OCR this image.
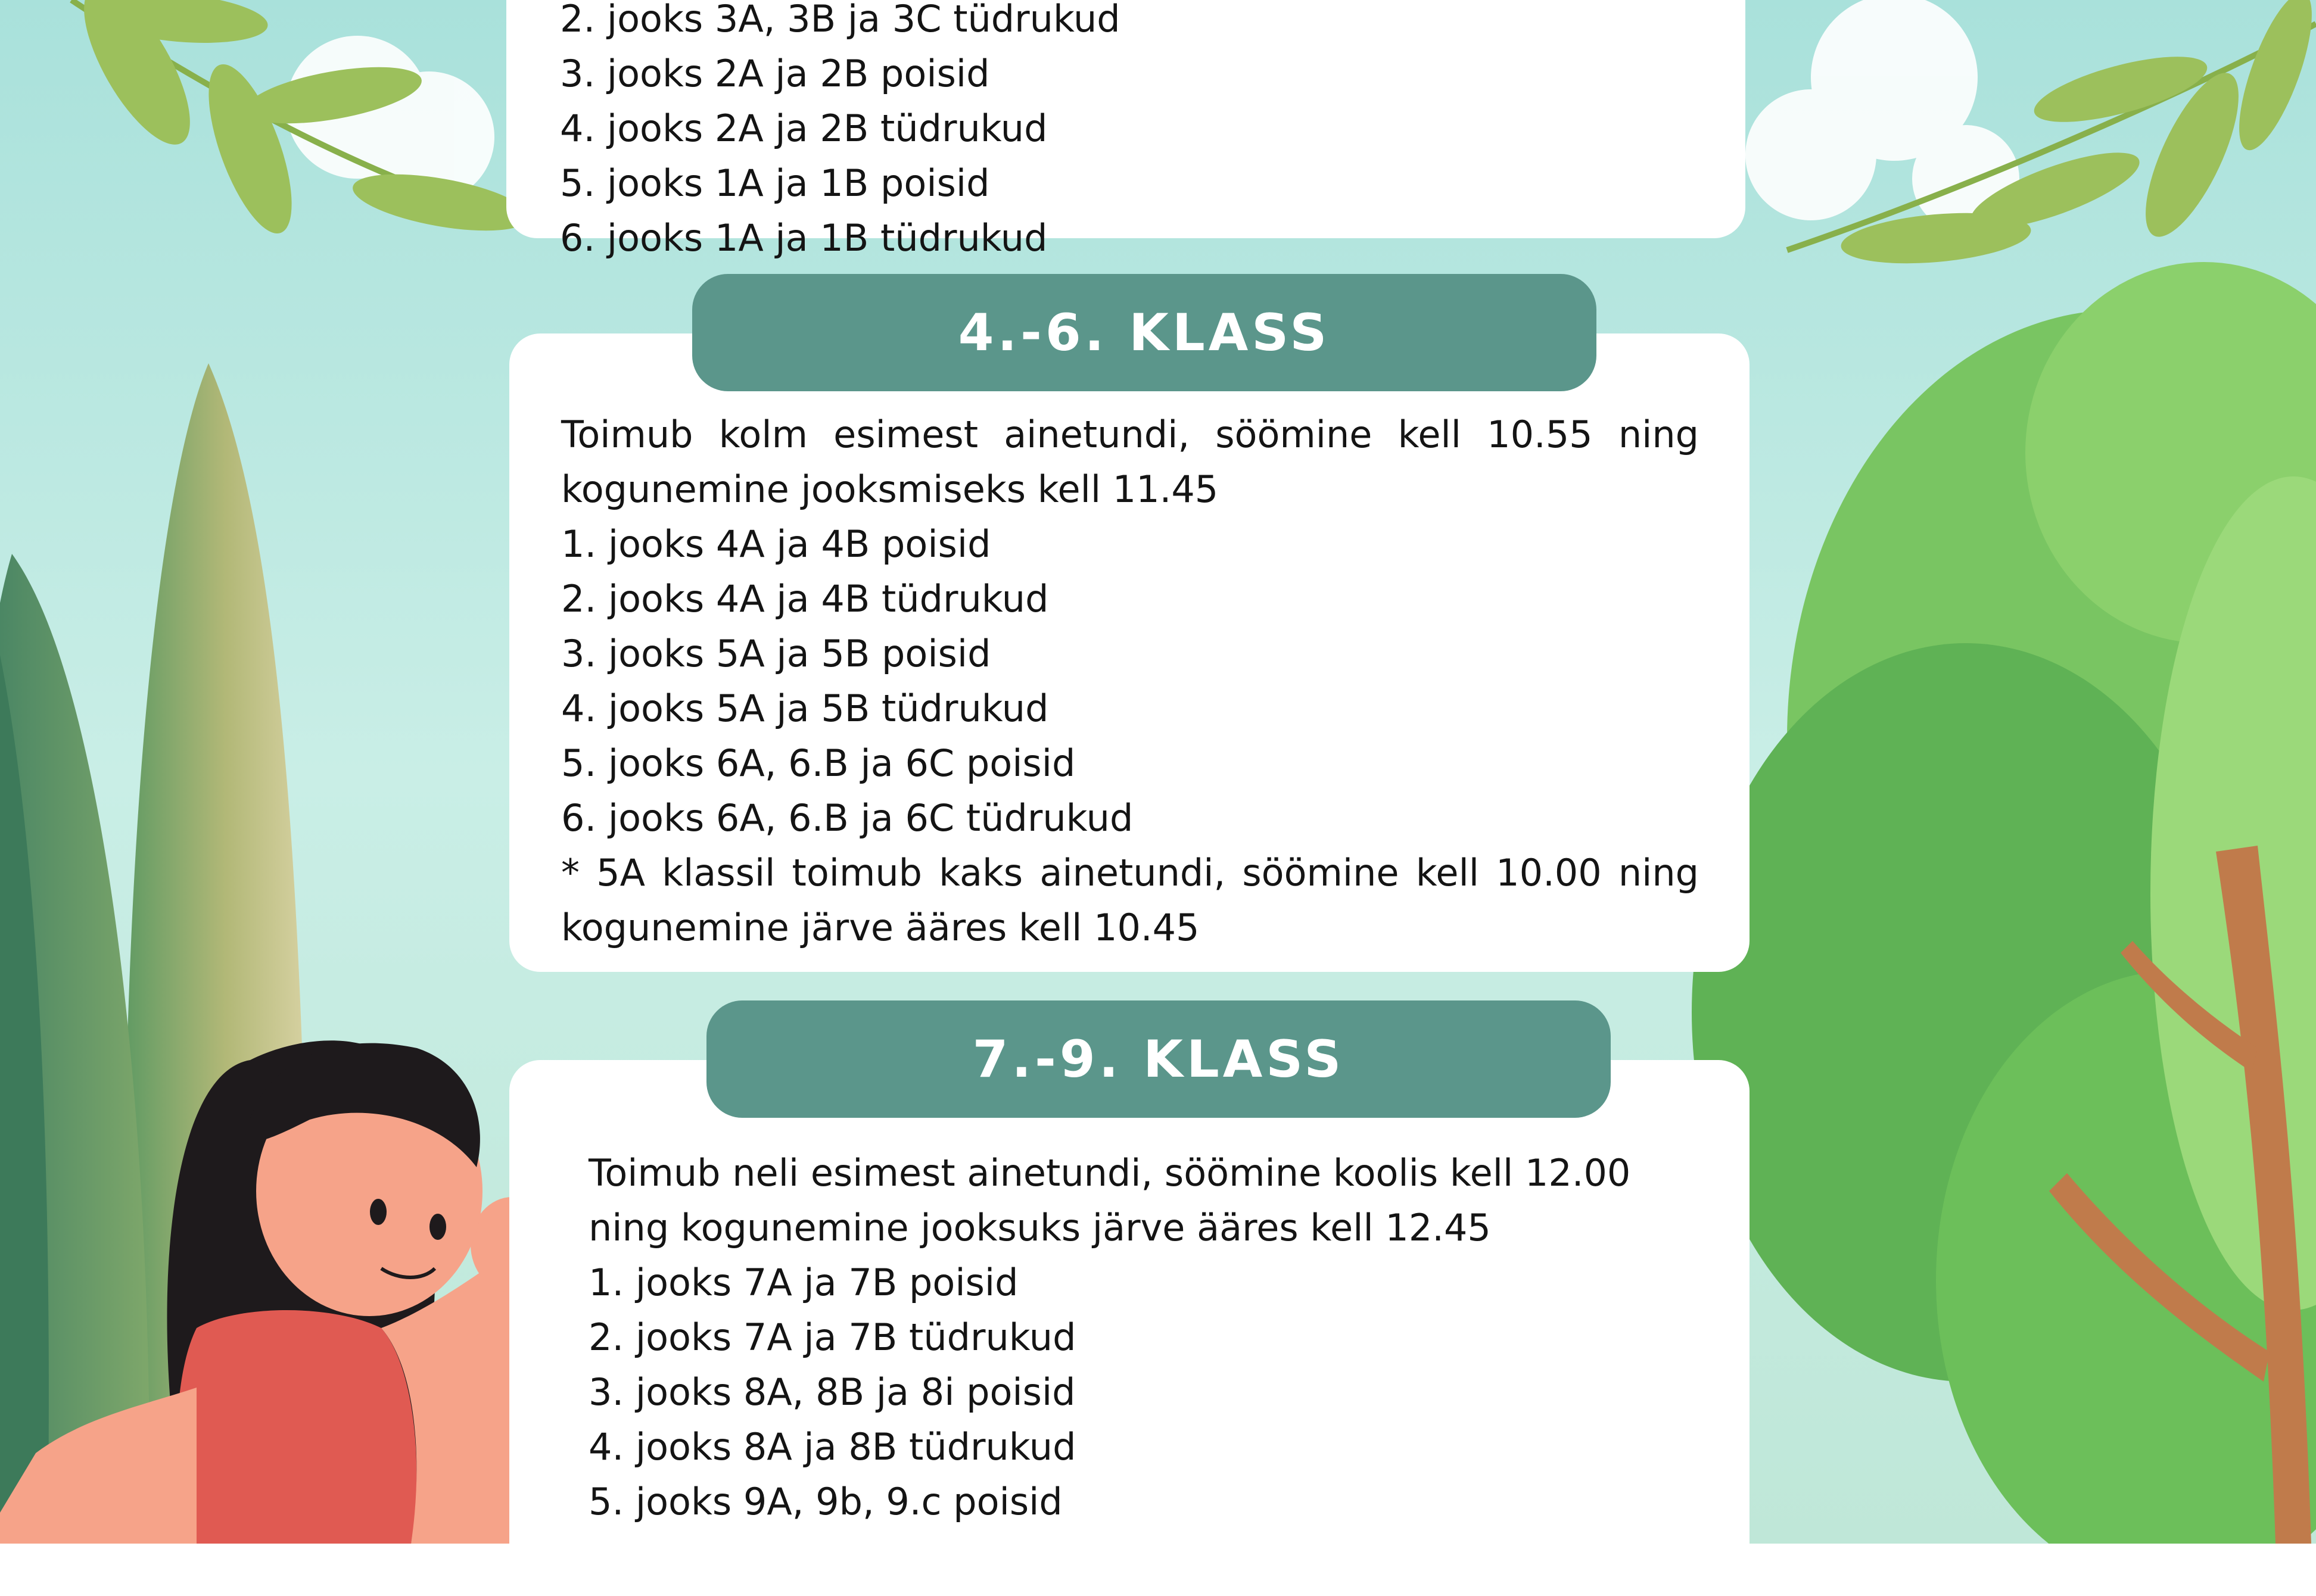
2. jooks 3A, 3B ja 3C tüdrukud
3. jooks 2A ja 2B poisid
4. jooks 2A ja 2B tüdrukud
5. jooks 1A ja 1B poisid
6. jooks 1A ja 1B tüdrukud
4.-6. KLASS
Toimub kolm esimest ainetundi, söömine kell 10.55 ning
kogunemine jooksmiseks kell 11.45
1. jooks 4A ja 4B poisid
2. jooks 4A ja 4B tüdrukud
3. jooks 5A ja 5B poisid
4. jooks 5A ja 5B tüdrukud
5. jooks 6A, 6.B ja 6C poisid
6. jooks 6A, 6.B ja 6C tüdrukud
* 5A klassil toimub kaks ainetundi, söömine kell 10.00 ning
kogunemine järve ääres kell 10.45
7.-9. KLASS
Toimub neli esimest ainetundi, söömine koolis kell 12.00
ning kogunemine jooksuks järve ääres kell 12.45
1. jooks 7A ja 7B poisid
2. jooks 7A ja 7B tüdrukud
3. jooks 8A, 8B ja 8i poisid
4. jooks 8A ja 8B tüdrukud
5. jooks 9A, 9b, 9.c poisid
